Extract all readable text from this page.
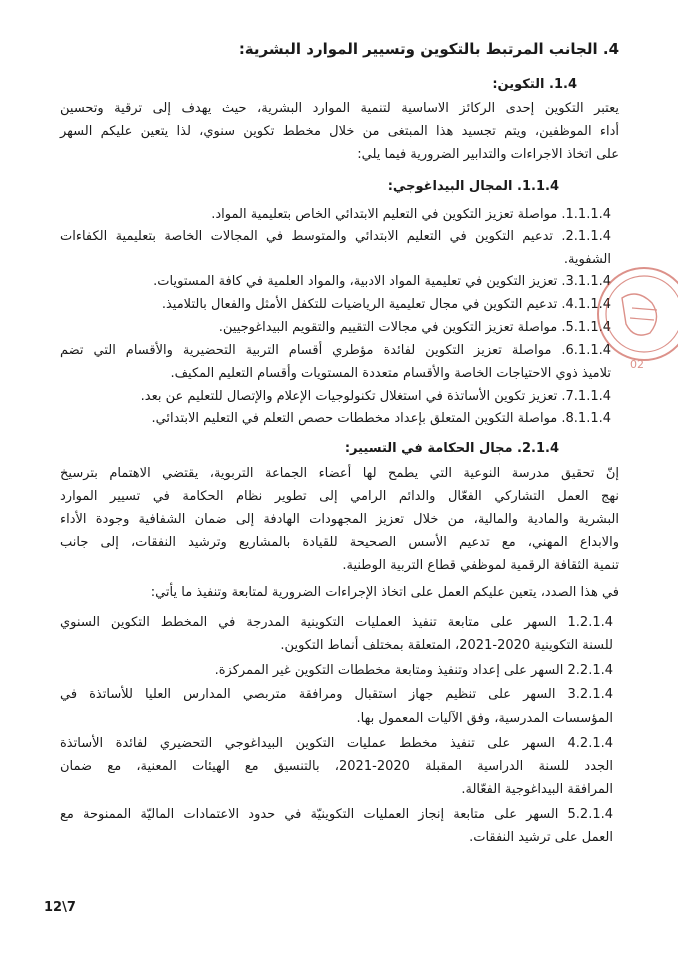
4. الجانب المرتبط بالتكوين وتسيير الموارد البشرية:
1.4. التكوين:
يعتبر التكوين إحدى الركائز الاساسية لتنمية الموارد البشرية، حيث يهدف إلى ترقية وتحسين
أداء الموظفين، ويتم تجسيد هذا المبتغى من خلال مخطط تكوين سنوي، لذا يتعين عليكم السهر
على اتخاذ الاجراءات والتدابير الضرورية فيما يلي:
1.1.4. المجال البيداغوجي:
1.1.1.4. مواصلة تعزيز التكوين في التعليم الابتدائي الخاص بتعليمية المواد.
2.1.1.4. تدعيم التكوين في التعليم الابتدائي والمتوسط في المجالات الخاصة بتعليمية الكفاءات
الشفوية.
3.1.1.4. تعزيز التكوين في تعليمية المواد الادبية، والمواد العلمية في كافة المستويات.
4.1.1.4. تدعيم التكوين في مجال تعليمية الرياضيات للتكفل الأمثل والفعال بالتلاميذ.
5.1.1.4. مواصلة تعزيز التكوين في مجالات التقييم والتقويم البيداغوجيين.
6.1.1.4. مواصلة تعزيز التكوين لفائدة مؤطري أقسام التربية التحضيرية والأقسام التي تضم
تلاميذ ذوي الاحتياجات الخاصة والأقسام متعددة المستويات وأقسام التعليم المكيف.
7.1.1.4. تعزيز تكوين الأساتذة في استغلال تكنولوجيات الإعلام والإتصال للتعليم عن بعد.
8.1.1.4. مواصلة التكوين المتعلق بإعداد مخططات حصص التعلم في التعليم الابتدائي.
2.1.4. مجال الحكامة في التسيير:
إنّ تحقيق مدرسة النوعية التي يطمح لها أعضاء الجماعة التربوية، يقتضي الاهتمام بترسيخ
نهج العمل التشاركي الفعّال والدائم الرامي إلى تطوير نظام الحكامة في تسيير الموارد
البشرية والمادية والمالية، من خلال تعزيز المجهودات الهادفة إلى ضمان الشفافية وجودة الأداء
والابداع المهني، مع تدعيم الأسس الصحيحة للقيادة بالمشاريع وترشيد النفقات، إلى جانب
تنمية الثقافة الرقمية لموظفي قطاع التربية الوطنية.
في هذا الصدد، يتعين عليكم العمل على اتخاذ الإجراءات الضرورية لمتابعة وتنفيذ ما يأتي:
1.2.1.4 السهر على متابعة تنفيذ العمليات التكوينية المدرجة في المخطط التكوين السنوي
للسنة التكوينية 2020-2021، المتعلقة بمختلف أنماط التكوين.
2.2.1.4 السهر على إعداد وتنفيذ ومتابعة مخططات التكوين غير الممركزة.
3.2.1.4 السهر على تنظيم جهاز استقبال ومرافقة متربصي المدارس العليا للأساتذة في
المؤسسات المدرسية، وفق الآليات المعمول بها.
4.2.1.4 السهر على تنفيذ مخطط عمليات التكوين البيداغوجي التحضيري لفائدة الأساتذة
الجدد للسنة الدراسية المقبلة 2020-2021، بالتنسيق مع الهيئات المعنية، مع ضمان
المرافقة البيداغوجية الفعّالة.
5.2.1.4 السهر على متابعة إنجاز العمليات التكوينيّة في حدود الاعتمادات الماليّة الممنوحة مع
العمل على ترشيد النفقات.
02
12\7
